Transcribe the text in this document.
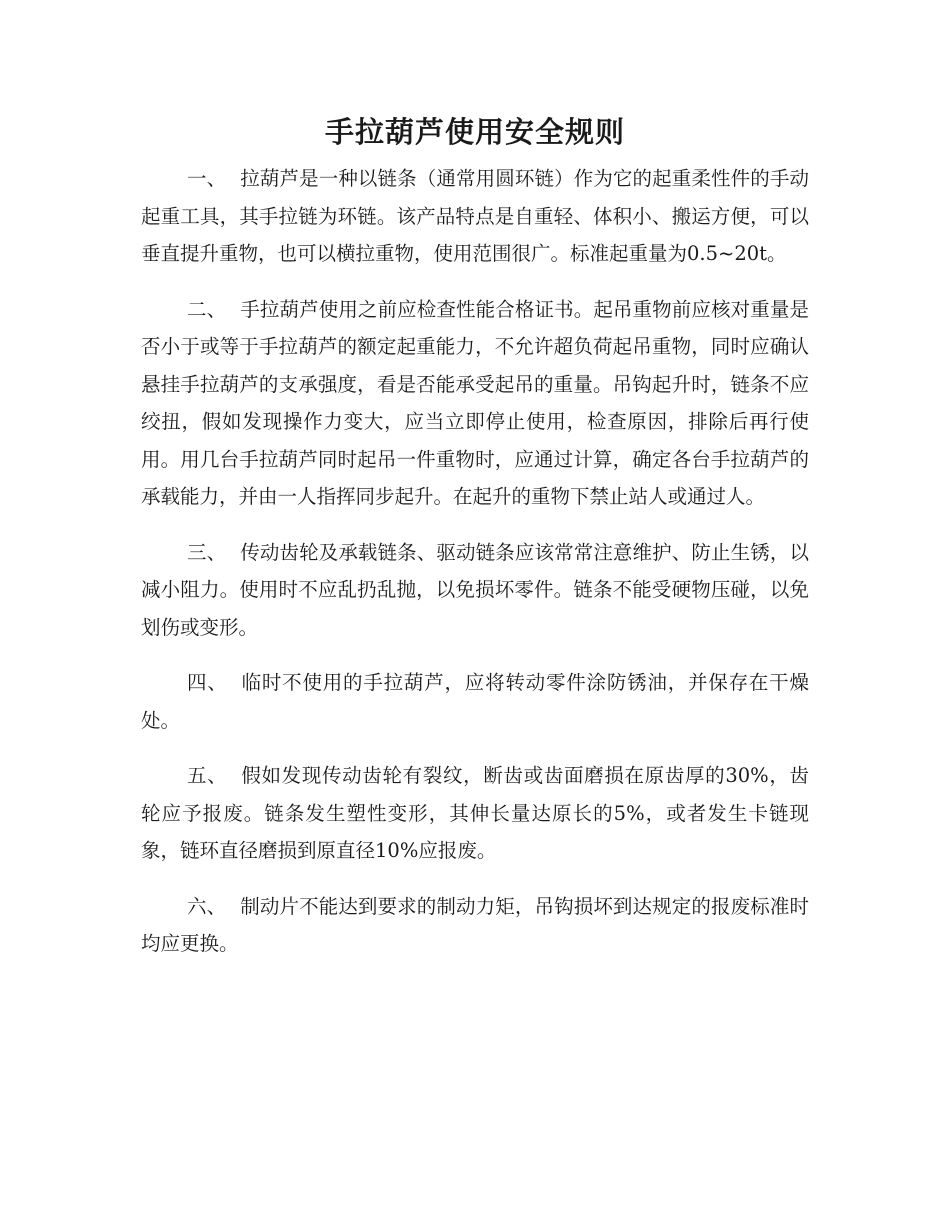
手拉葫芦使用安全规则

一、 拉葫芦是一种以链条（通常用圆环链）作为它的起重柔性件的手动 起重工具，其手拉链为环链。该产品特点是自重轻、体积小、搬运方便，可以垂直提升重物，也可以横拉重物，使用范围很广。标准起重量为0.5~20t。

二、 手拉葫芦使用之前应检查性能合格证书。起吊重物前应核对重量是否小于或等于手拉葫芦的额定起重能力，不允许超负荷起吊重物，同时应确认悬挂手拉葫芦的支承强度，看是否能承受起吊的重量。吊钩起升时，链条不应绞扭，假如发现操作力变大，应当立即停止使用，检查原因，排除后再行使用。用几台手拉葫芦同时起吊一件重物时，应通过计算，确定各台手拉葫芦的承载能力，并由一人指挥同步起升。在起升的重物下禁止站人或通过人。

三、 传动齿轮及承载链条、驱动链条应该常常注意维护、防止生锈，以减小阻力。使用时不应乱扔乱抛，以免损坏零件。链条不能受硬物压碰，以免划伤或变形。

四、 临时不使用的手拉葫芦，应将转动零件涂防锈油，并保存在干燥处。

五、 假如发现传动齿轮有裂纹，断齿或齿面磨损在原齿厚的30%，齿轮应予报废。链条发生塑性变形，其伸长量达原长的5%，或者发生卡链现象，链环直径磨损到原直径10%应报废。

六、 制动片不能达到要求的制动力矩，吊钩损坏到达规定的报废标准时均应更换。
